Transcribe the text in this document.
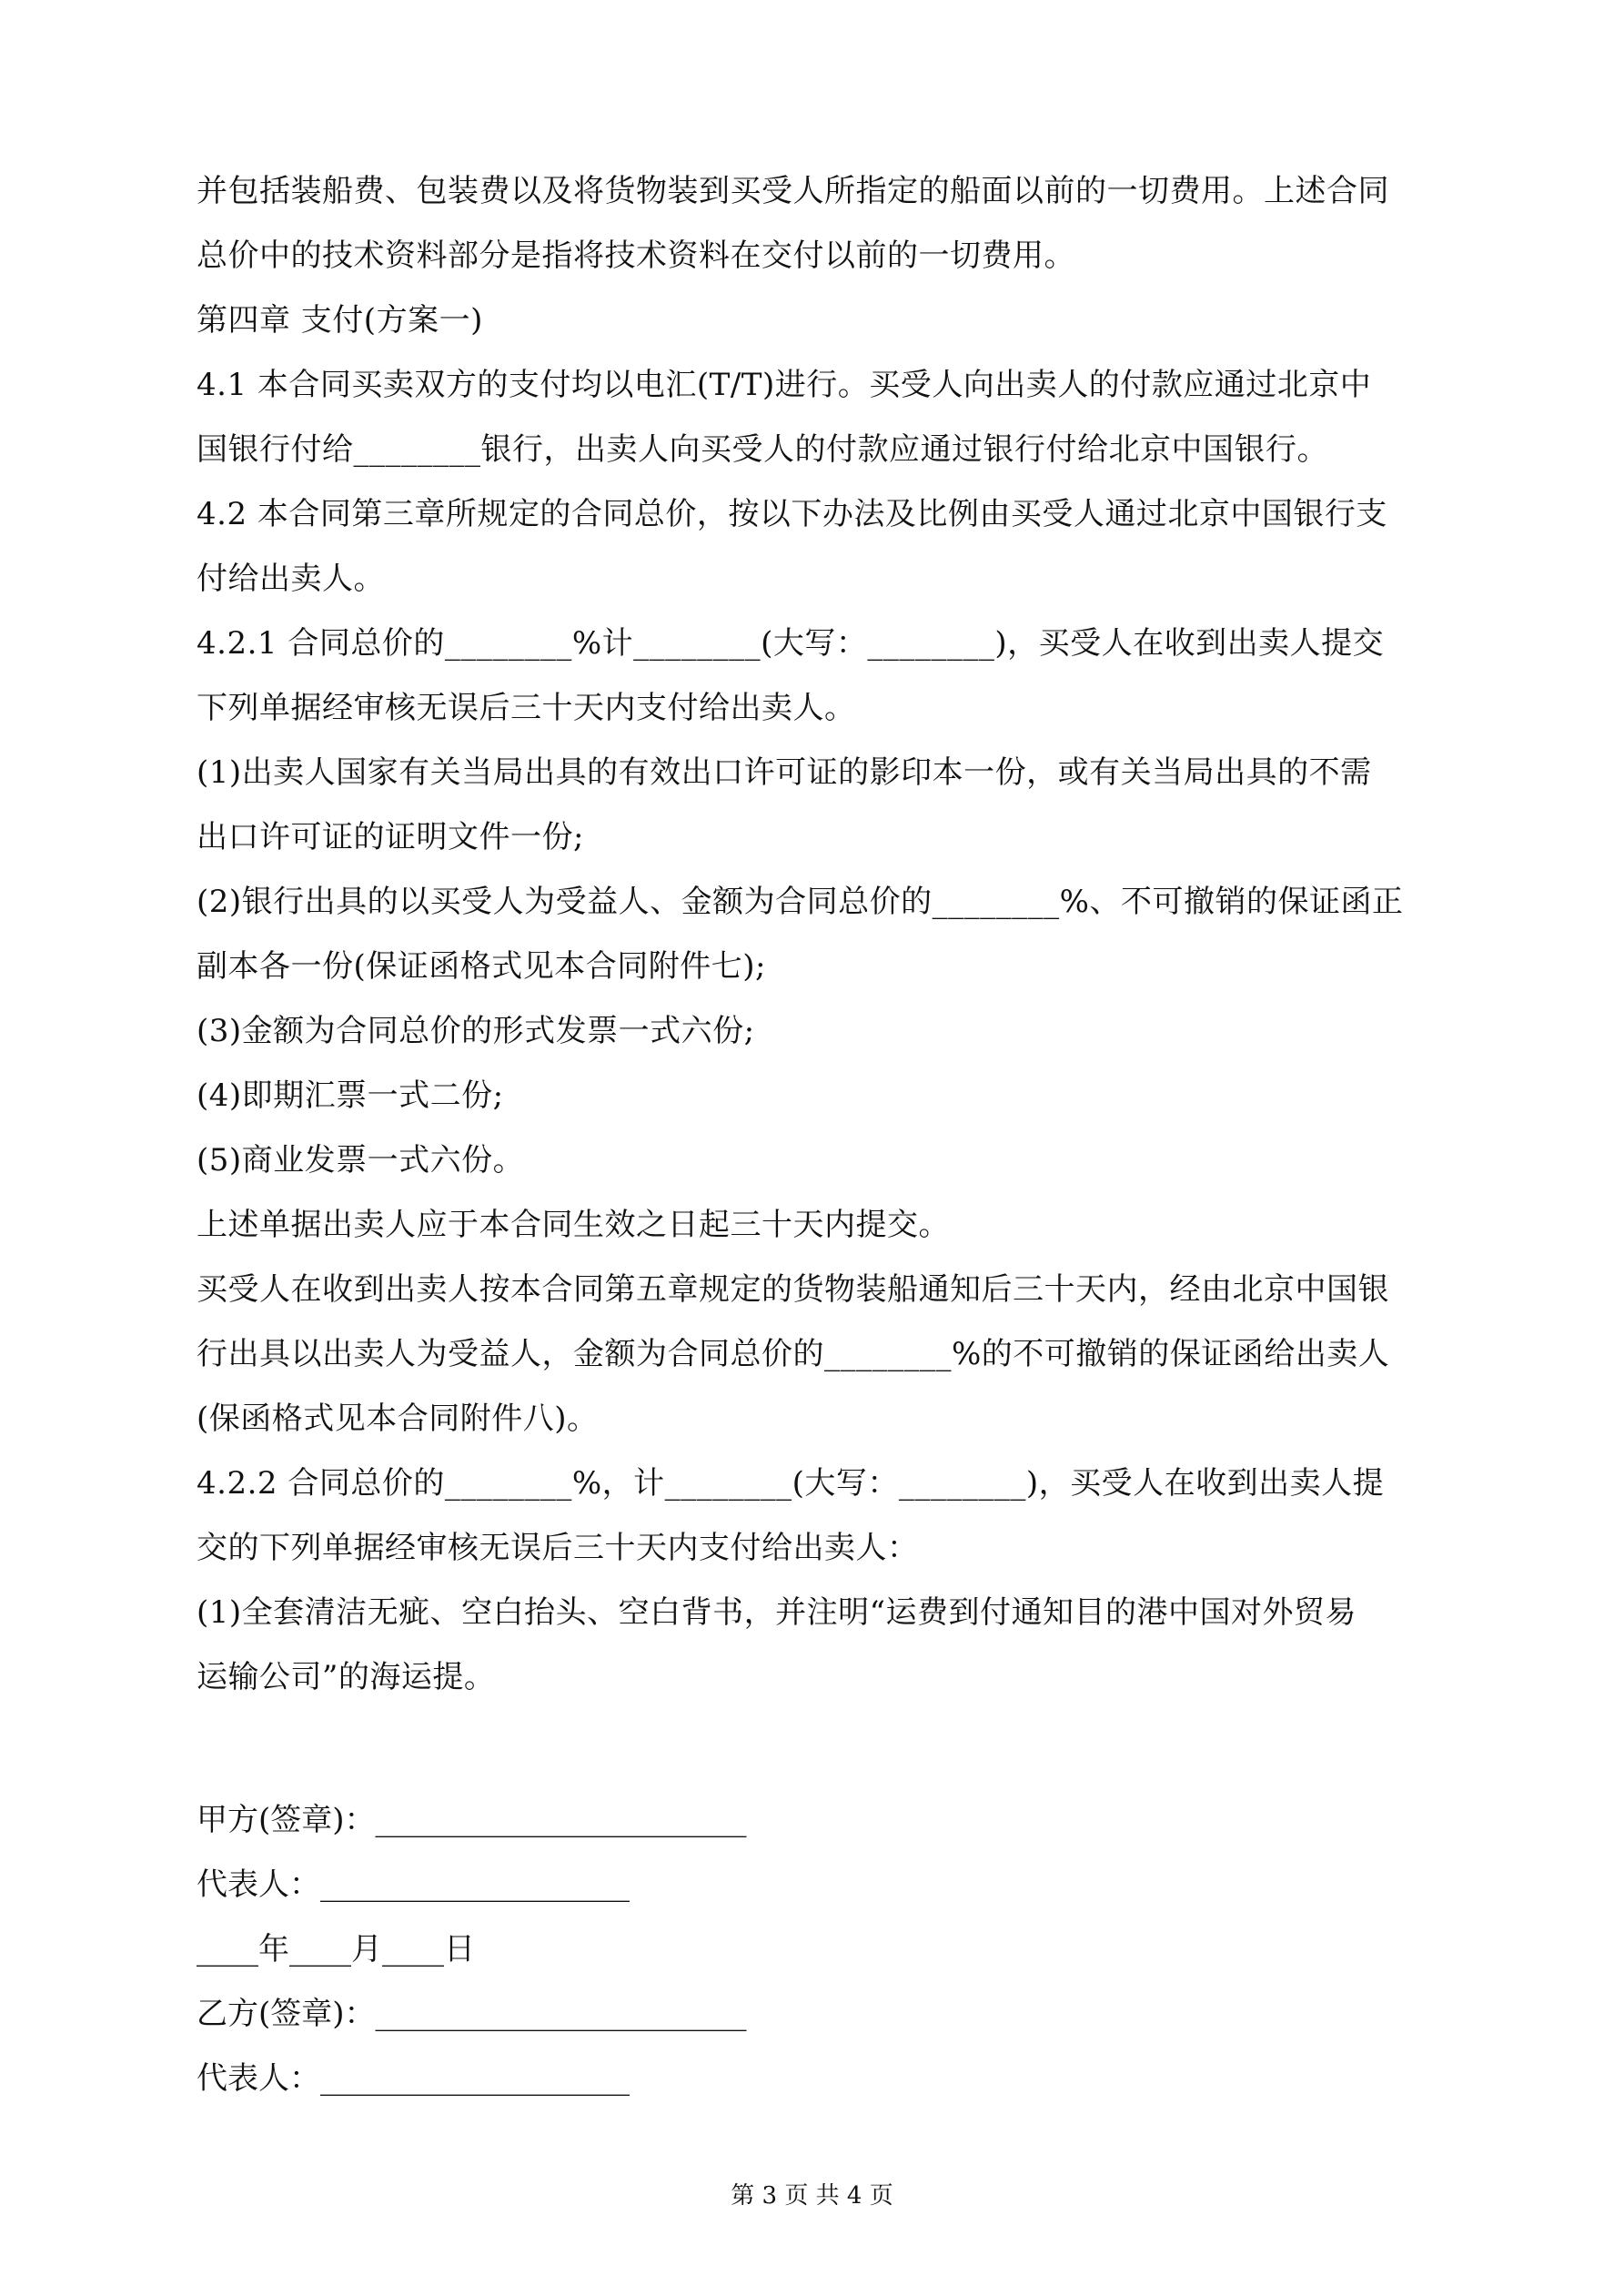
并包括装船费、包装费以及将货物装到买受人所指定的船面以前的一切费用。上述合同
总价中的技术资料部分是指将技术资料在交付以前的一切费用。
第四章 支付(方案一)
4.1 本合同买卖双方的支付均以电汇(T/T)进行。买受人向出卖人的付款应通过北京中
国银行付给________银行，出卖人向买受人的付款应通过银行付给北京中国银行。
4.2 本合同第三章所规定的合同总价，按以下办法及比例由买受人通过北京中国银行支
付给出卖人。
4.2.1 合同总价的________%计________(大写：________)，买受人在收到出卖人提交
下列单据经审核无误后三十天内支付给出卖人。
(1)出卖人国家有关当局出具的有效出口许可证的影印本一份，或有关当局出具的不需
出口许可证的证明文件一份;
(2)银行出具的以买受人为受益人、金额为合同总价的________%、不可撤销的保证函正
副本各一份(保证函格式见本合同附件七);
(3)金额为合同总价的形式发票一式六份;
(4)即期汇票一式二份;
(5)商业发票一式六份。
上述单据出卖人应于本合同生效之日起三十天内提交。
买受人在收到出卖人按本合同第五章规定的货物装船通知后三十天内，经由北京中国银
行出具以出卖人为受益人，金额为合同总价的________%的不可撤销的保证函给出卖人
(保函格式见本合同附件八)。
4.2.2 合同总价的________%，计________(大写：________)，买受人在收到出卖人提
交的下列单据经审核无误后三十天内支付给出卖人：
(1)全套清洁无疵、空白抬头、空白背书，并注明“运费到付通知目的港中国对外贸易
运输公司”的海运提。
甲方(签章)：________________________
代表人：____________________
____年____月____日
乙方(签章)：________________________
代表人：____________________
第 3 页 共 4 页
